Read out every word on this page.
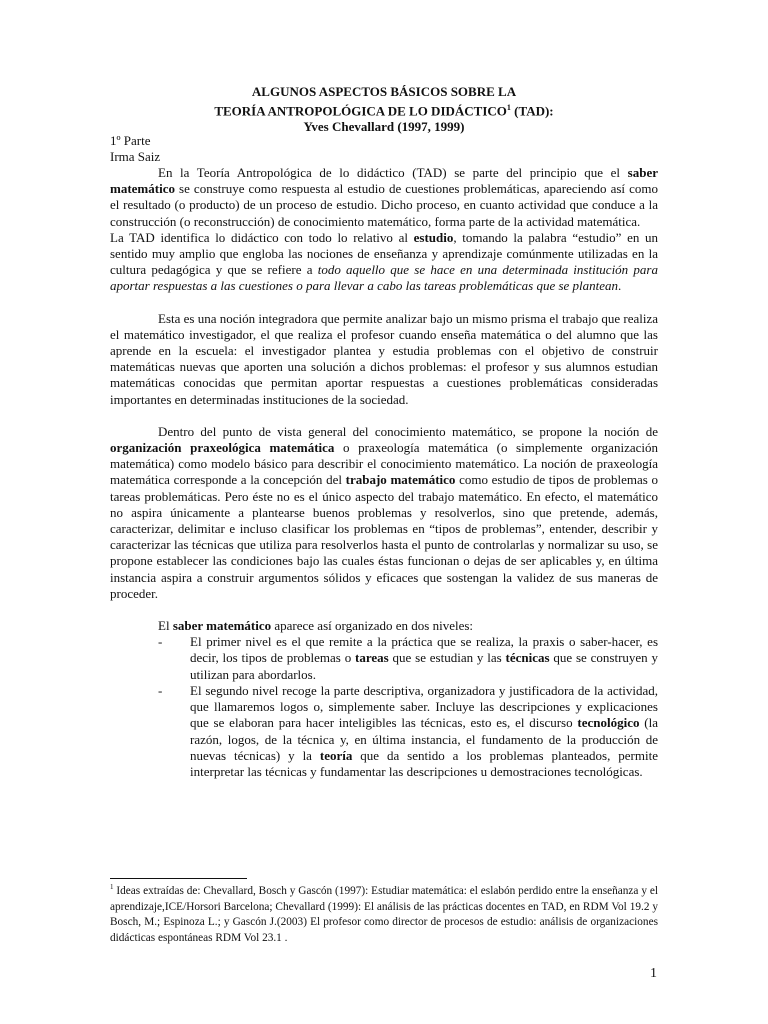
ALGUNOS ASPECTOS BÁSICOS SOBRE LA
TEORÍA ANTROPOLÓGICA DE LO DIDÁCTICO$^1$ (TAD):
Yves Chevallard (1997, 1999)
1º Parte
Irma Saiz

En la Teoría Antropológica de lo didáctico (TAD) se parte del principio que el saber matemático se construye como respuesta al estudio de cuestiones problemáticas, apareciendo así como el resultado (o producto) de un proceso de estudio. Dicho proceso, en cuanto actividad que conduce a la construcción (o reconstrucción) de conocimiento matemático, forma parte de la actividad matemática.

La TAD identifica lo didáctico con todo lo relativo al estudio, tomando la palabra “estudio” en un sentido muy amplio que engloba las nociones de enseñanza y aprendizaje comúnmente utilizadas en la cultura pedagógica y que se refiere a todo aquello que se hace en una determinada institución para aportar respuestas a las cuestiones o para llevar a cabo las tareas problemáticas que se plantean.

Esta es una noción integradora que permite analizar bajo un mismo prisma el trabajo que realiza el matemático investigador, el que realiza el profesor cuando enseña matemática o del alumno que las aprende en la escuela: el investigador plantea y estudia problemas con el objetivo de construir matemáticas nuevas que aporten una solución a dichos problemas: el profesor y sus alumnos estudian matemáticas conocidas que permitan aportar respuestas a cuestiones problemáticas consideradas importantes en determinadas instituciones de la sociedad.

Dentro del punto de vista general del conocimiento matemático, se propone la noción de organización praxeológica matemática o praxeología matemática (o simplemente organización matemática) como modelo básico para describir el conocimiento matemático. La noción de praxeología matemática corresponde a la concepción del trabajo matemático como estudio de tipos de problemas o tareas problemáticas. Pero éste no es el único aspecto del trabajo matemático. En efecto, el matemático no aspira únicamente a plantearse buenos problemas y resolverlos, sino que pretende, además, caracterizar, delimitar e incluso clasificar los problemas en “tipos de problemas”, entender, describir y caracterizar las técnicas que utiliza para resolverlos hasta el punto de controlarlas y normalizar su uso, se propone establecer las condiciones bajo las cuales éstas funcionan o dejas de ser aplicables y, en última instancia aspira a construir argumentos sólidos y eficaces que sostengan la validez de sus maneras de proceder.

El saber matemático aparece así organizado en dos niveles:

- El primer nivel es el que remite a la práctica que se realiza, la praxis o saber-hacer, es decir, los tipos de problemas o tareas que se estudian y las técnicas que se construyen y utilizan para abordarlos.
- El segundo nivel recoge la parte descriptiva, organizadora y justificadora de la actividad, que llamaremos logos o, simplemente saber. Incluye las descripciones y explicaciones que se elaboran para hacer inteligibles las técnicas, esto es, el discurso tecnológico (la razón, logos, de la técnica y, en última instancia, el fundamento de la producción de nuevas técnicas) y la teoría que da sentido a los problemas planteados, permite interpretar las técnicas y fundamentar las descripciones u demostraciones tecnológicas.
$^1$ Ideas extraídas de: Chevallard, Bosch y Gascón (1997): Estudiar matemática: el eslabón perdido entre la enseñanza y el aprendizaje,ICE/Horsori Barcelona; Chevallard (1999): El análisis de las prácticas docentes en TAD, en RDM Vol 19.2 y Bosch, M.; Espinoza L.; y Gascón J.(2003) El profesor como director de procesos de estudio: análisis de organizaciones didácticas espontáneas RDM Vol 23.1 .
1
